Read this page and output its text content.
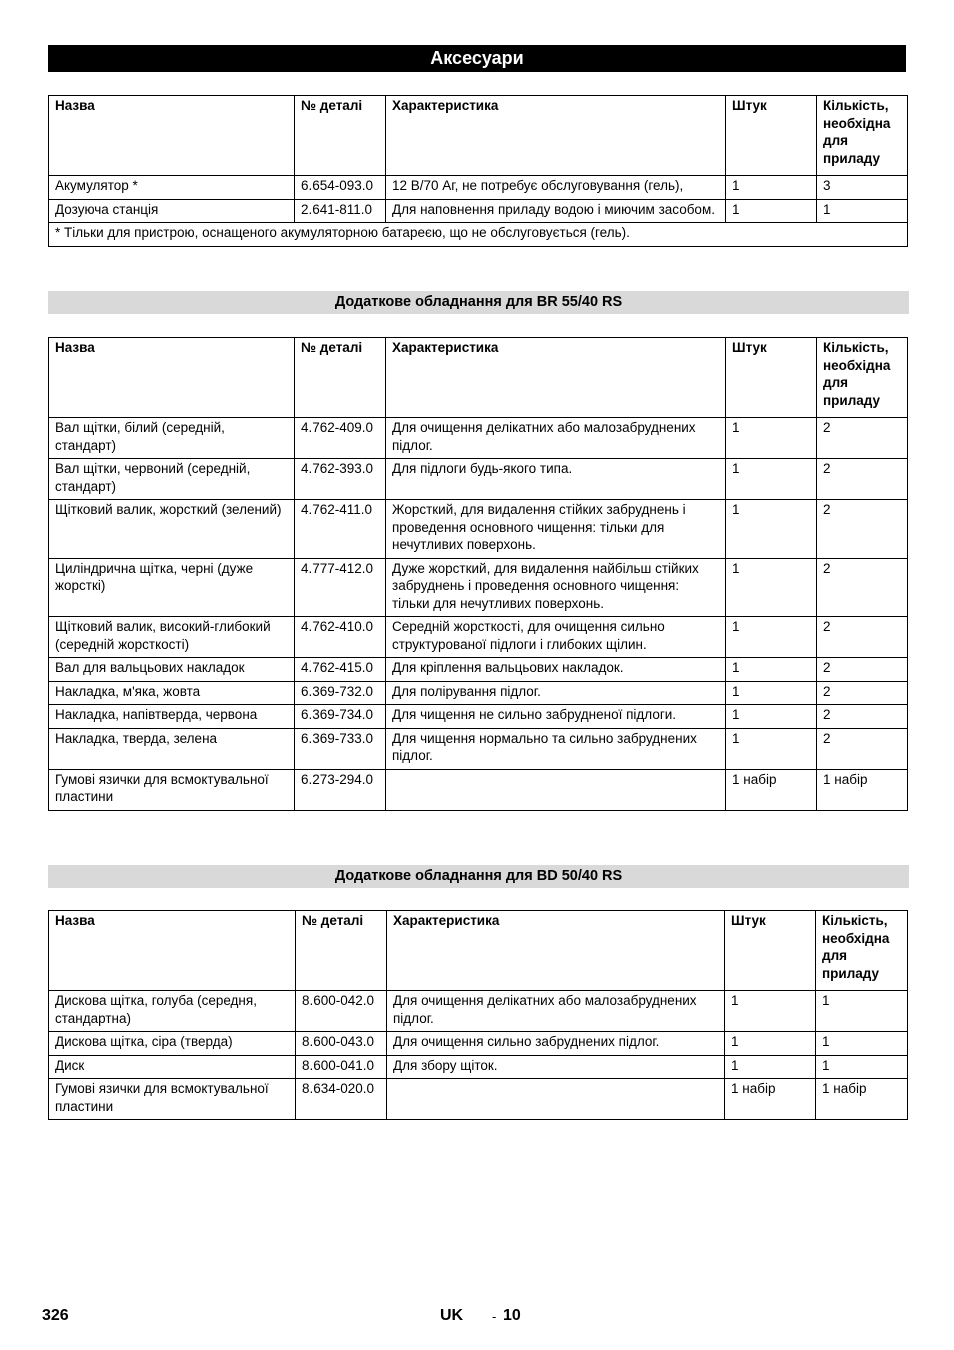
Аксесуари
Назва	№ деталі	Характеристика	Штук	Кількість, необхідна для приладу
Акумулятор *	6.654-093.0	12 В/70 Аг, не потребує обслуговування (гель),	1	3
Дозуюча станція	2.641-811.0	Для наповнення приладу водою і миючим засобом.	1	1
* Тільки для пристрою, оснащеного акумуляторною батареєю, що не обслуговується (гель).				
Додаткове обладнання для BR 55/40 RS
Назва	№ деталі	Характеристика	Штук	Кількість, необхідна для приладу
Вал щітки, білий (середній, стандарт)	4.762-409.0	Для очищення делікатних або малозабруднених підлог.	1	2
Вал щітки, червоний (середній, стандарт)	4.762-393.0	Для підлоги будь-якого типа.	1	2
Щітковий валик, жорсткий (зелений)	4.762-411.0	Жорсткий, для видалення стійких забруднень і проведення основного чищення: тільки для нечутливих поверхонь.	1	2
Циліндрична щітка, черні (дуже жорсткі)	4.777-412.0	Дуже жорсткий, для видалення найбільш стійких забруднень і проведення основного чищення: тільки для нечутливих поверхонь.	1	2
Щітковий валик, високий-глибокий (середній жорсткості)	4.762-410.0	Середній жорсткості, для очищення сильно структурованої підлоги і глибоких щілин.	1	2
Вал для вальцьових накладок	4.762-415.0	Для кріплення вальцьових накладок.	1	2
Накладка, м'яка, жовта	6.369-732.0	Для полірування підлог.	1	2
Накладка, напівтверда, червона	6.369-734.0	Для чищення не сильно забрудненої підлоги.	1	2
Накладка, тверда, зелена	6.369-733.0	Для чищення нормально та сильно забруднених підлог.	1	2
Гумові язички для всмоктувальної пластини	6.273-294.0		1 набір	1 набір
Додаткове обладнання для BD 50/40 RS
Назва	№ деталі	Характеристика	Штук	Кількість, необхідна для приладу
Дискова щітка, голуба (середня, стандартна)	8.600-042.0	Для очищення делікатних або малозабруднених підлог.	1	1
Дискова щітка, сіра (тверда)	8.600-043.0	Для очищення сильно забруднених підлог.	1	1
Диск	8.600-041.0	Для збору щіток.	1	1
Гумові язички для всмоктувальної пластини	8.634-020.0		1 набір	1 набір
326	UK - 10
